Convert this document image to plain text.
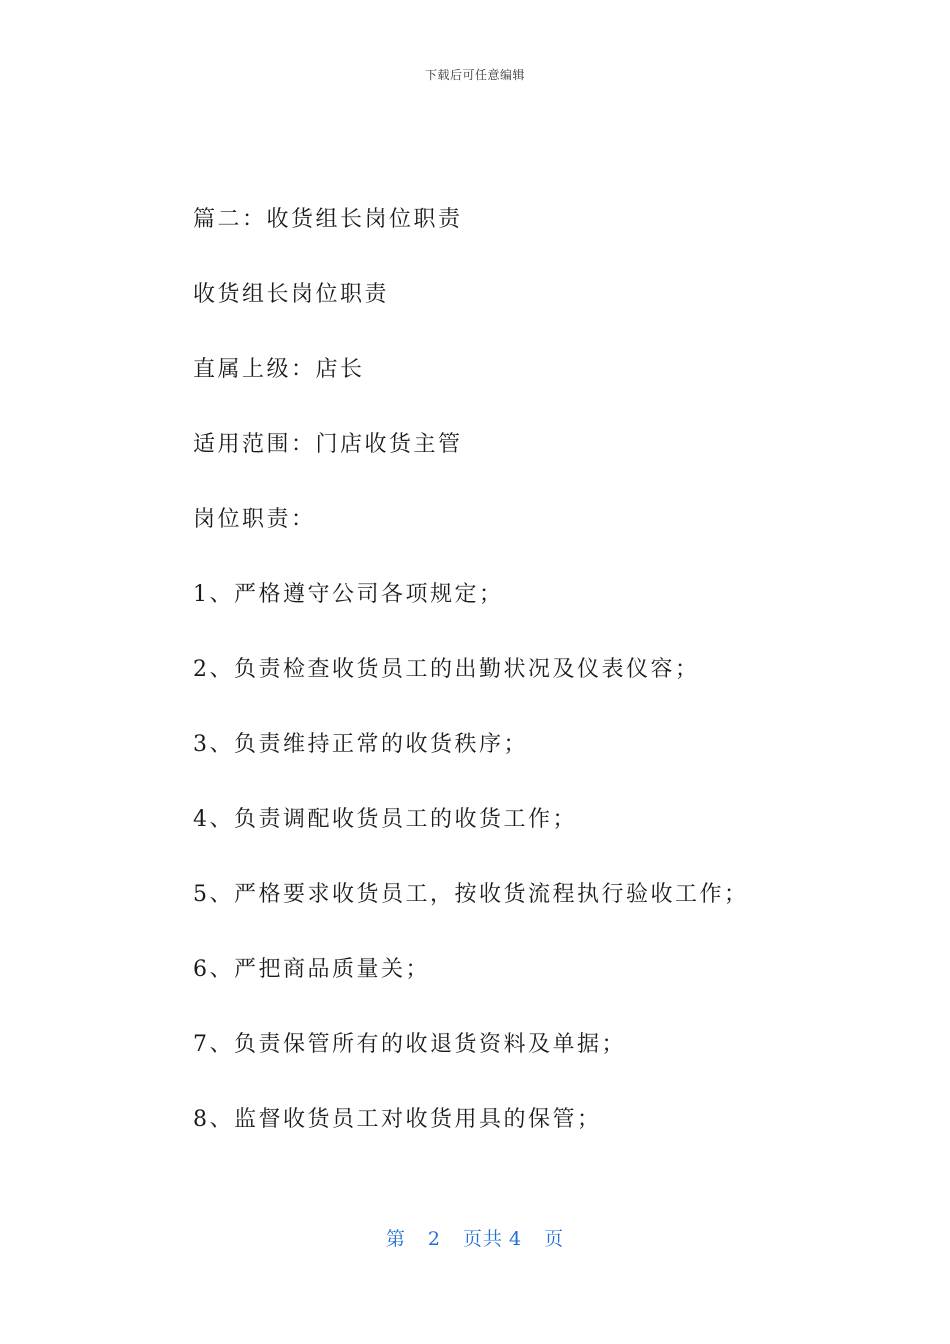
下载后可任意编辑
篇二：收货组长岗位职责
收货组长岗位职责
直属上级：店长
适用范围：门店收货主管
岗位职责：
1、严格遵守公司各项规定；
2、负责检查收货员工的出勤状况及仪表仪容；
3、负责维持正常的收货秩序；
4、负责调配收货员工的收货工作；
5、严格要求收货员工，按收货流程执行验收工作；
6、严把商品质量关；
7、负责保管所有的收退货资料及单据；
8、监督收货员工对收货用具的保管；
第 2 页共 4 页
